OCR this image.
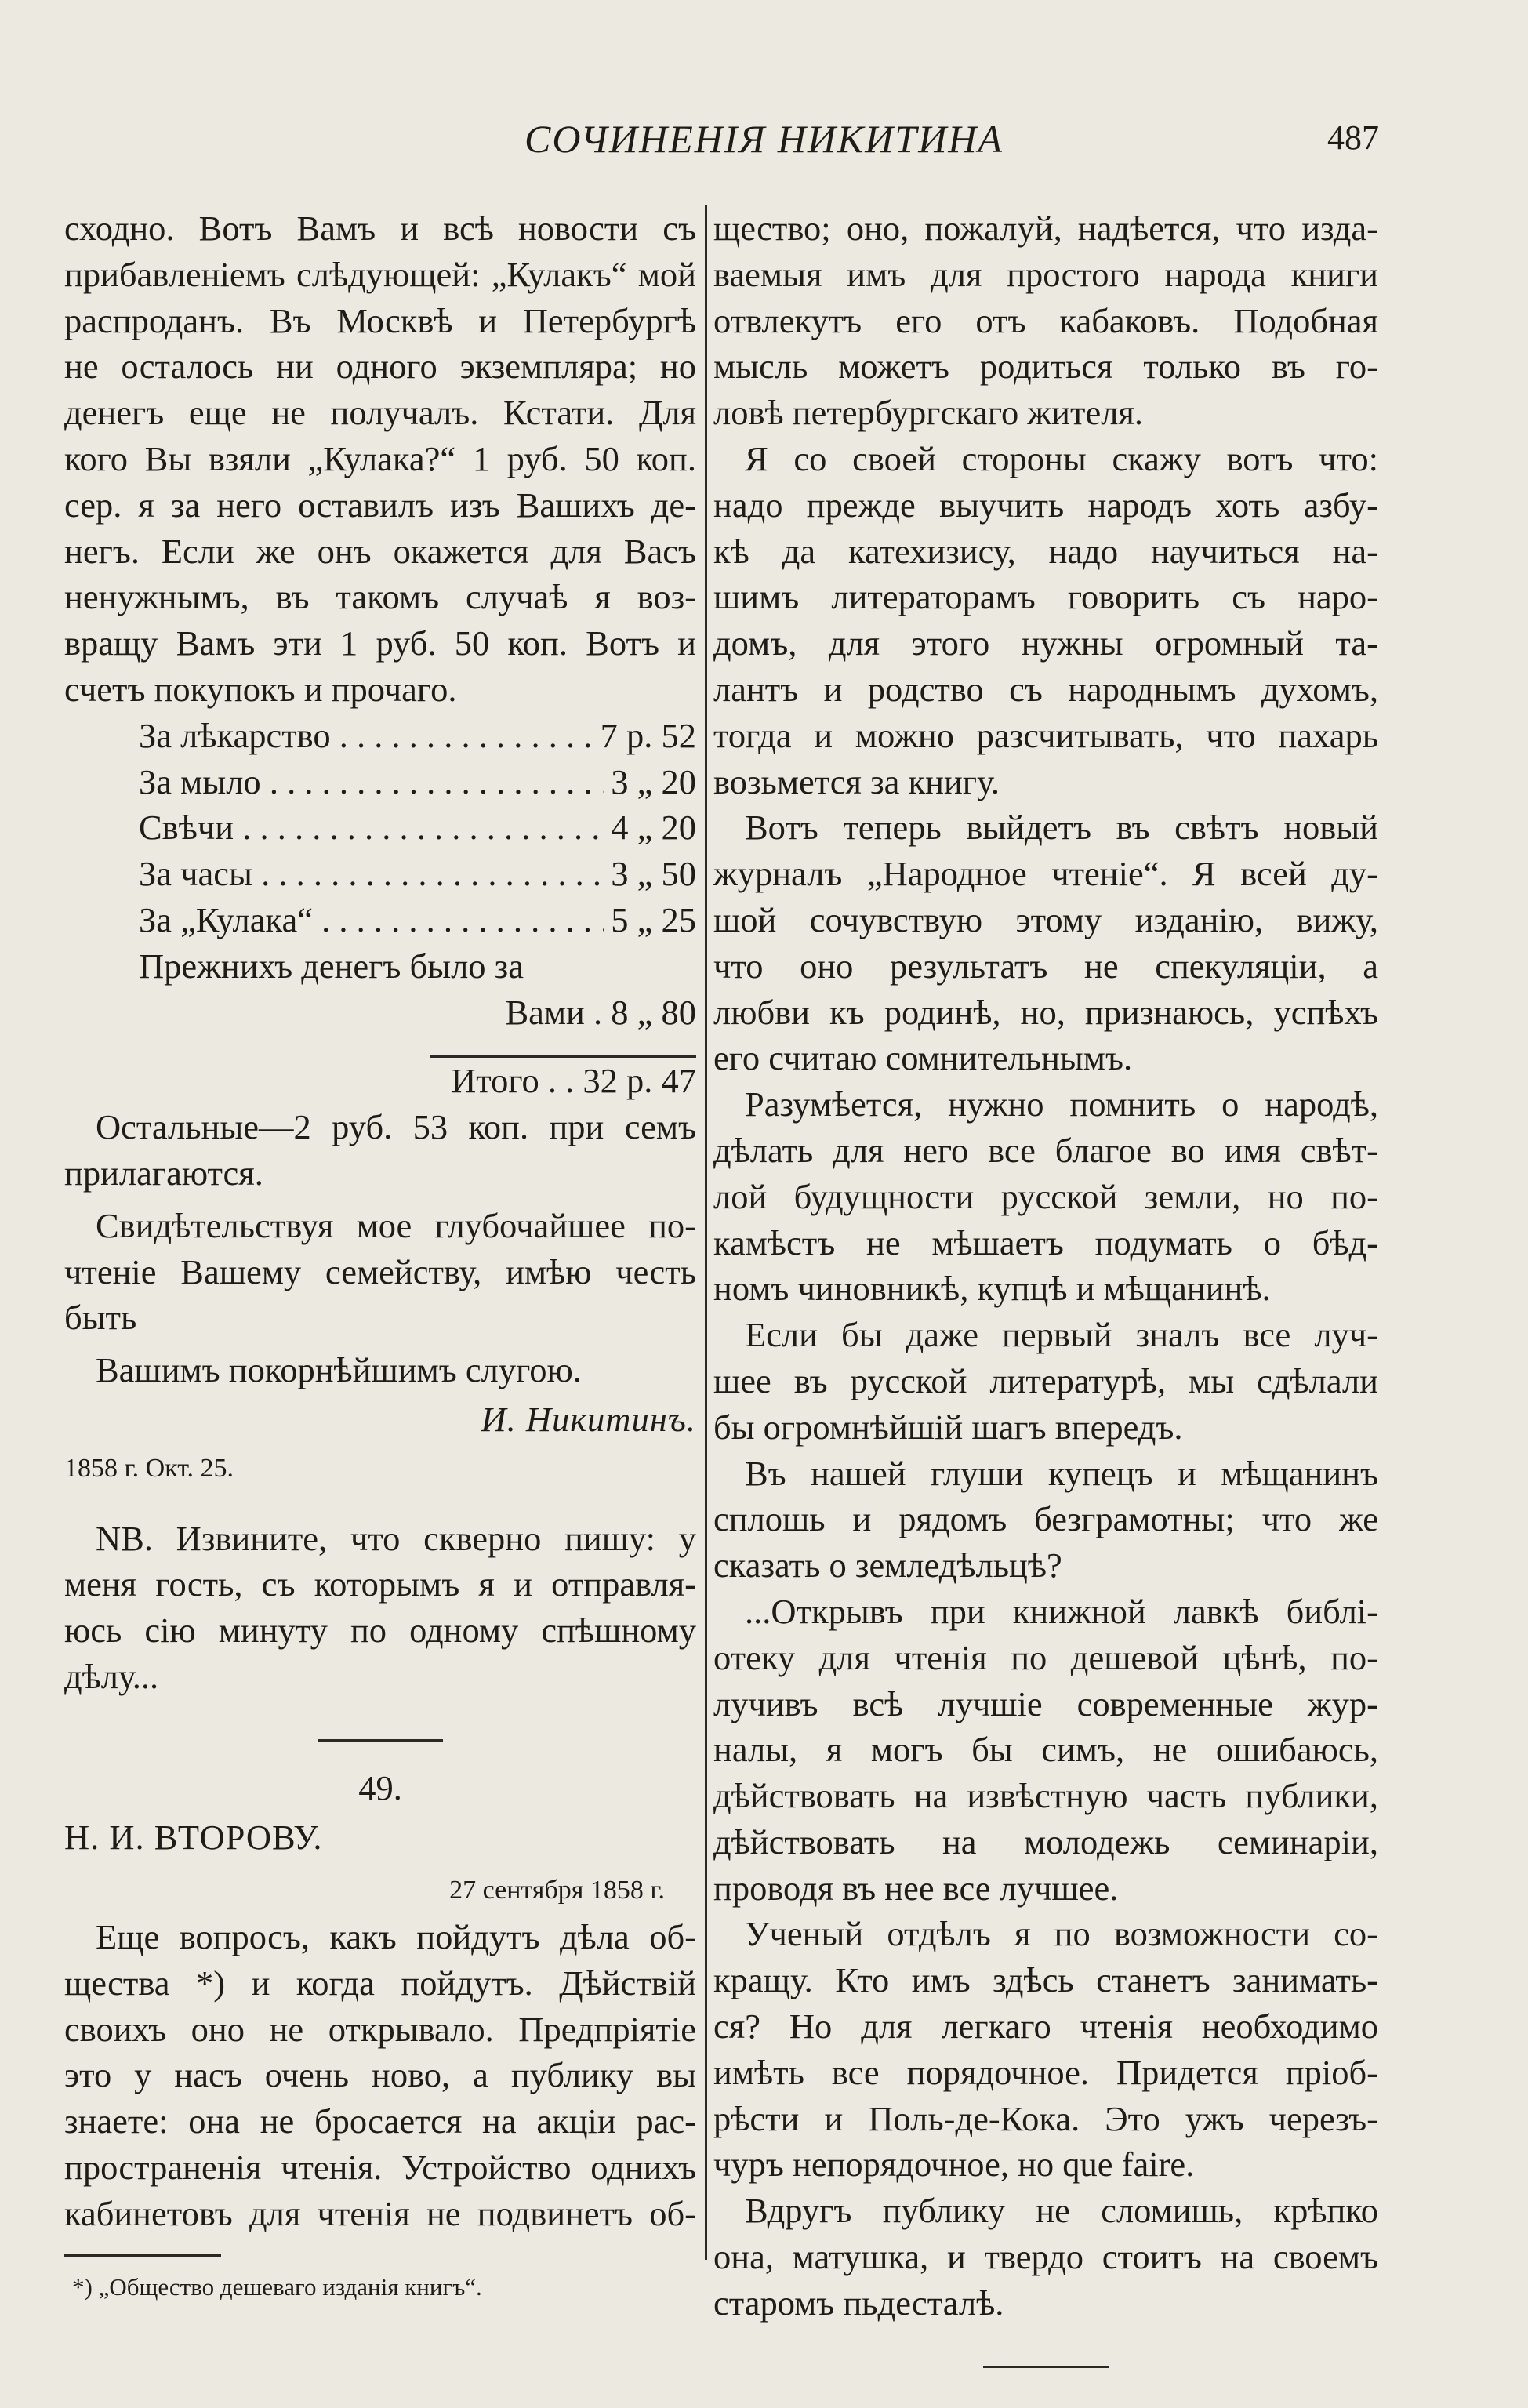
СОЧИНЕНІЯ НИКИТИНА	487
сходно. Вотъ Вамъ и всѣ новости съ
прибавленіемъ слѣдующей: „Кулакъ“ мой
распроданъ. Въ Москвѣ и Петербургѣ
не осталось ни одного экземпляра; но
денегъ еще не получалъ. Кстати. Для
кого Вы взяли „Кулака?“ 1 руб. 50 коп.
сер. я за него оставилъ изъ Вашихъ де-
негъ. Если же онъ окажется для Васъ
ненужнымъ, въ такомъ случаѣ я воз-
вращу Вамъ эти 1 руб. 50 коп. Вотъ и
счетъ покупокъ и прочаго.
За лѣкарство . . .	7 р. 52
За мыло . . .	3 „ 20
Свѣчи . . .	4 „ 20
За часы . . .	3 „ 50
За „Кулака“ . . .	5 „ 25
Прежнихъ денегъ было за
Вами . 8 „ 80
Итого . . 32 р. 47
Остальные—2 руб. 53 коп. при семъ
прилагаются.
Свидѣтельствуя мое глубочайшее по-
чтеніе Вашему семейству, имѣю честь
быть
Вашимъ покорнѣйшимъ слугою.
И. Никитинъ.
1858 г. Окт. 25.
NB. Извините, что скверно пишу: у
меня гость, съ которымъ я и отправля-
юсь сію минуту по одному спѣшному
дѣлу...
49.
Н. И. ВТОРОВУ.
27 сентября 1858 г.
Еще вопросъ, какъ пойдутъ дѣла об-
щества *) и когда пойдутъ. Дѣйствій
своихъ оно не открывало. Предпріятіе
это у насъ очень ново, а публику вы
знаете: она не бросается на акціи рас-
пространенія чтенія. Устройство однихъ
кабинетовъ для чтенія не подвинетъ об-
*) „Общество дешеваго изданія книгъ“.
щество; оно, пожалуй, надѣется, что изда-
ваемыя имъ для простого народа книги
отвлекутъ его отъ кабаковъ. Подобная
мысль можетъ родиться только въ го-
ловѣ петербургскаго жителя.
Я со своей стороны скажу вотъ что:
надо прежде выучить народъ хоть азбу-
кѣ да катехизису, надо научиться на-
шимъ литераторамъ говорить съ наро-
домъ, для этого нужны огромный та-
лантъ и родство съ народнымъ духомъ,
тогда и можно разсчитывать, что пахарь
возьмется за книгу.
Вотъ теперь выйдетъ въ свѣтъ новый
журналъ „Народное чтеніе“. Я всей ду-
шой сочувствую этому изданію, вижу,
что оно результатъ не спекуляціи, а
любви къ родинѣ, но, признаюсь, успѣхъ
его считаю сомнительнымъ.
Разумѣется, нужно помнить о народѣ,
дѣлать для него все благое во имя свѣт-
лой будущности русской земли, но по-
камѣстъ не мѣшаетъ подумать о бѣд-
номъ чиновникѣ, купцѣ и мѣщанинѣ.
Если бы даже первый зналъ все луч-
шее въ русской литературѣ, мы сдѣлали
бы огромнѣйшій шагъ впередъ.
Въ нашей глуши купецъ и мѣщанинъ
сплошь и рядомъ безграмотны; что же
сказать о земледѣльцѣ?
...Открывъ при книжной лавкѣ библі-
отеку для чтенія по дешевой цѣнѣ, по-
лучивъ всѣ лучшіе современные жур-
налы, я могъ бы симъ, не ошибаюсь,
дѣйствовать на извѣстную часть публики,
дѣйствовать на молодежь семинаріи,
проводя въ нее все лучшее.
Ученый отдѣлъ я по возможности со-
кращу. Кто имъ здѣсь станетъ занимать-
ся? Но для легкаго чтенія необходимо
имѣть все порядочное. Придется пріоб-
рѣсти и Поль-де-Кока. Это ужъ черезъ-
чуръ непорядочное, но que faire.
Вдругъ публику не сломишь, крѣпко
она, матушка, и твердо стоитъ на своемъ
старомъ пьдесталѣ.
